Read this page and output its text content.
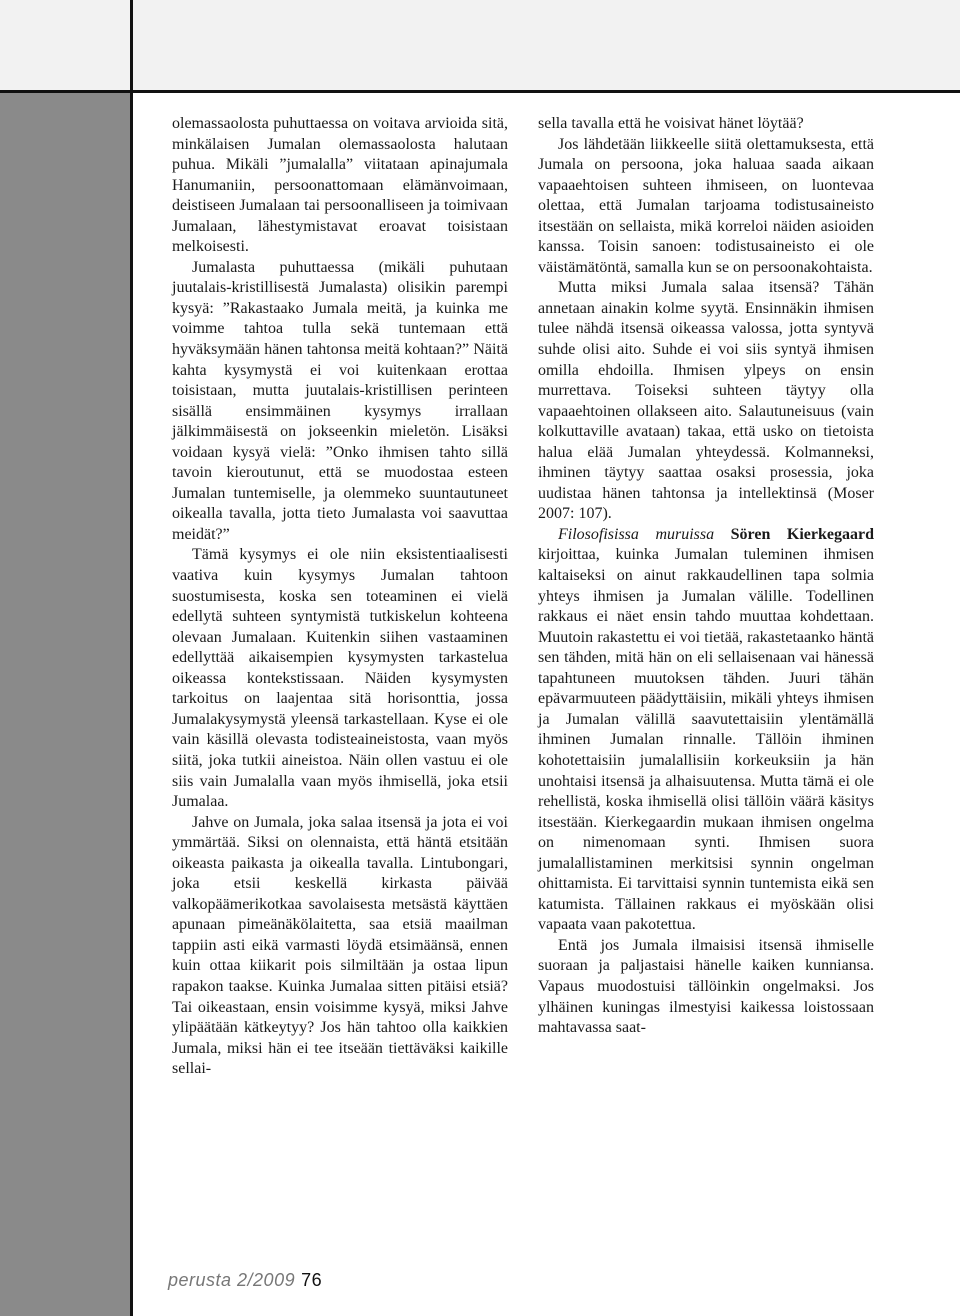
olemassaolosta puhuttaessa on voitava arvioida sitä, minkälaisen Jumalan olemassaolosta halutaan puhua. Mikäli ”jumalalla” viitataan apinajumala Hanumaniin, persoonattomaan elämänvoimaan, deistiseen Jumalaan tai persoonalliseen ja toimivaan Jumalaan, lähestymistavat eroavat toisistaan melkoisesti.

Jumalasta puhuttaessa (mikäli puhutaan juutalais-kristillisestä Jumalasta) olisikin parempi kysyä: ”Rakastaako Jumala meitä, ja kuinka me voimme tahtoa tulla sekä tuntemaan että hyväksymään hänen tahtonsa meitä kohtaan?” Näitä kahta kysymystä ei voi kuitenkaan erottaa toisistaan, mutta juutalais-kristillisen perinteen sisällä ensimmäinen kysymys irrallaan jälkimmäisestä on jokseenkin mieletön. Lisäksi voidaan kysyä vielä: ”Onko ihmisen tahto sillä tavoin kieroutunut, että se muodostaa esteen Jumalan tuntemiselle, ja olemmeko suuntautuneet oikealla tavalla, jotta tieto Jumalasta voi saavuttaa meidät?”

Tämä kysymys ei ole niin eksistentiaalisesti vaativa kuin kysymys Jumalan tahtoon suostumisesta, koska sen toteaminen ei vielä edellytä suhteen syntymistä tutkiskelun kohteena olevaan Jumalaan. Kuitenkin siihen vastaaminen edellyttää aikaisempien kysymysten tarkastelua oikeassa kontekstissaan. Näiden kysymysten tarkoitus on laajentaa sitä horisonttia, jossa Jumalakysymystä yleensä tarkastellaan. Kyse ei ole vain käsillä olevasta todisteaineistosta, vaan myös siitä, joka tutkii aineistoa. Näin ollen vastuu ei ole siis vain Jumalalla vaan myös ihmisellä, joka etsii Jumalaa.

Jahve on Jumala, joka salaa itsensä ja jota ei voi ymmärtää. Siksi on olennaista, että häntä etsitään oikeasta paikasta ja oikealla tavalla. Lintubongari, joka etsii keskellä kirkasta päivää valkopäämerikotkaa savolaisesta metsästä käyttäen apunaan pimeänäkölaitetta, saa etsiä maailman tappiin asti eikä varmasti löydä etsimäänsä, ennen kuin ottaa kiikarit pois silmiltään ja ostaa lipun rapakon taakse. Kuinka Jumalaa sitten pitäisi etsiä? Tai oikeastaan, ensin voisimme kysyä, miksi Jahve ylipäätään kätkeytyy? Jos hän tahtoo olla kaikkien Jumala, miksi hän ei tee itseään tiettäväksi kaikille sellai-

sella tavalla että he voisivat hänet löytää?

Jos lähdetään liikkeelle siitä olettamuksesta, että Jumala on persoona, joka haluaa saada aikaan vapaaehtoisen suhteen ihmiseen, on luontevaa olettaa, että Jumalan tarjoama todistusaineisto itsestään on sellaista, mikä korreloi näiden asioiden kanssa. Toisin sanoen: todistusaineisto ei ole väistämätöntä, samalla kun se on persoonakohtaista.

Mutta miksi Jumala salaa itsensä? Tähän annetaan ainakin kolme syytä. Ensinnäkin ihmisen tulee nähdä itsensä oikeassa valossa, jotta syntyvä suhde olisi aito. Suhde ei voi siis syntyä ihmisen omilla ehdoilla. Ihmisen ylpeys on ensin murrettava. Toiseksi suhteen täytyy olla vapaaehtoinen ollakseen aito. Salautuneisuus (vain kolkuttaville avataan) takaa, että usko on tietoista halua elää Jumalan yhteydessä. Kolmanneksi, ihminen täytyy saattaa osaksi prosessia, joka uudistaa hänen tahtonsa ja intellektinsä (Moser 2007: 107).

Filosofisissa muruissa Sören Kierkegaard kirjoittaa, kuinka Jumalan tuleminen ihmisen kaltaiseksi on ainut rakkaudellinen tapa solmia yhteys ihmisen ja Jumalan välille. Todellinen rakkaus ei näet ensin tahdo muuttaa kohdettaan. Muutoin rakastettu ei voi tietää, rakastetaanko häntä sen tähden, mitä hän on eli sellaisenaan vai hänessä tapahtuneen muutoksen tähden. Juuri tähän epävarmuuteen päädyttäisiin, mikäli yhteys ihmisen ja Jumalan välillä saavutettaisiin ylentämällä ihminen Jumalan rinnalle. Tällöin ihminen kohotettaisiin jumalallisiin korkeuksiin ja hän unohtaisi itsensä ja alhaisuutensa. Mutta tämä ei ole rehellistä, koska ihmisellä olisi tällöin väärä käsitys itsestään. Kierkegaardin mukaan ihmisen ongelma on nimenomaan synti. Ihmisen suora jumalallistaminen merkitsisi synnin ongelman ohittamista. Ei tarvittaisi synnin tuntemista eikä sen katumista. Tällainen rakkaus ei myöskään olisi vapaata vaan pakotettua.

Entä jos Jumala ilmaisisi itsensä ihmiselle suoraan ja paljastaisi hänelle kaiken kunniansa. Vapaus muodostuisi tällöinkin ongelmaksi. Jos ylhäinen kuningas ilmestyisi kaikessa loistossaan mahtavassa saat-

perusta 2/2009 76
